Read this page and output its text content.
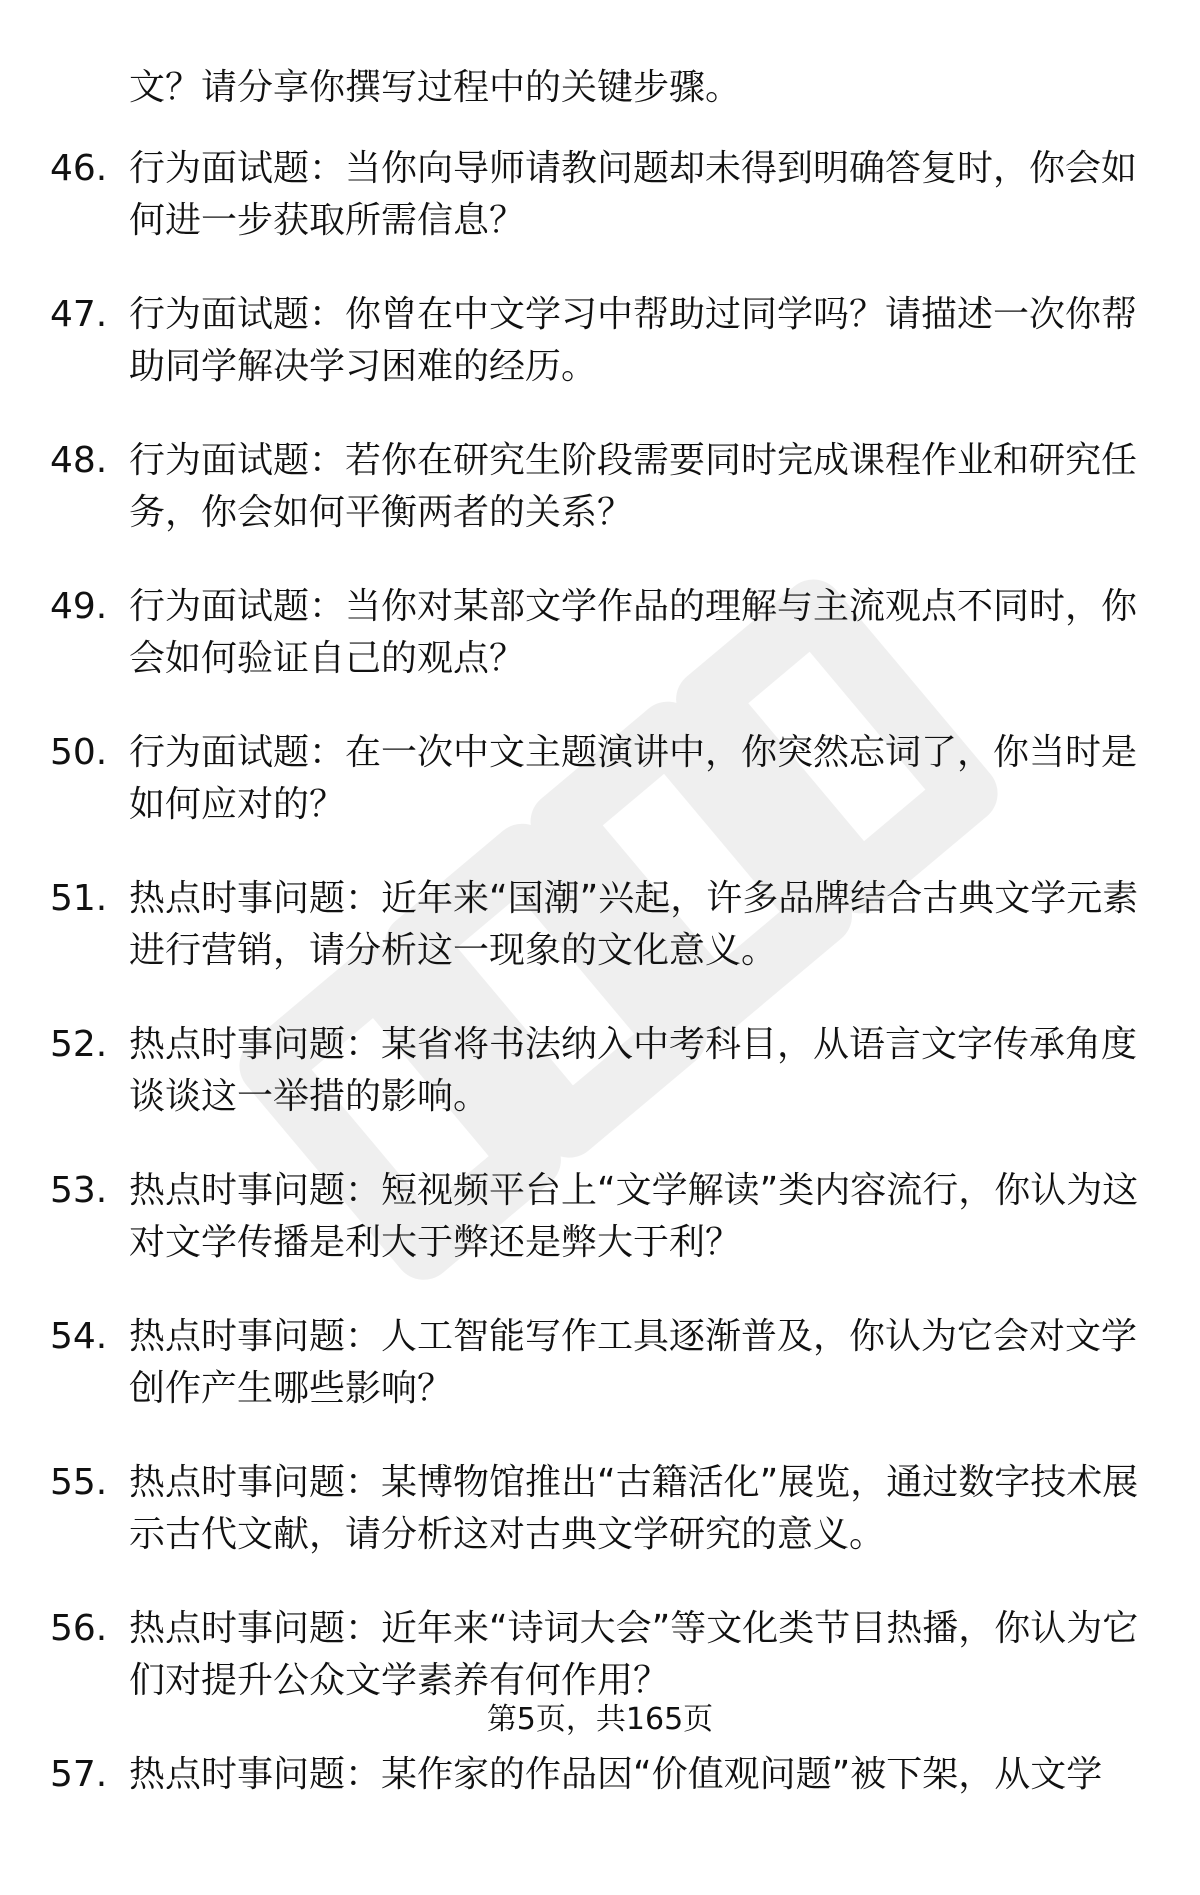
文？请分享你撰写过程中的关键步骤。
46. 行为面试题：当你向导师请教问题却未得到明确答复时，你会如何进一步获取所需信息？
47. 行为面试题：你曾在中文学习中帮助过同学吗？请描述一次你帮助同学解决学习困难的经历。
48. 行为面试题：若你在研究生阶段需要同时完成课程作业和研究任务，你会如何平衡两者的关系？
49. 行为面试题：当你对某部文学作品的理解与主流观点不同时，你会如何验证自己的观点？
50. 行为面试题：在一次中文主题演讲中，你突然忘词了，你当时是如何应对的？
51. 热点时事问题：近年来“国潮”兴起，许多品牌结合古典文学元素进行营销，请分析这一现象的文化意义。
52. 热点时事问题：某省将书法纳入中考科目，从语言文字传承角度谈谈这一举措的影响。
53. 热点时事问题：短视频平台上“文学解读”类内容流行，你认为这对文学传播是利大于弊还是弊大于利？
54. 热点时事问题：人工智能写作工具逐渐普及，你认为它会对文学创作产生哪些影响？
55. 热点时事问题：某博物馆推出“古籍活化”展览，通过数字技术展示古代文献，请分析这对古典文学研究的意义。
56. 热点时事问题：近年来“诗词大会”等文化类节目热播，你认为它们对提升公众文学素养有何作用？
57. 热点时事问题：某作家的作品因“价值观问题”被下架，从文学
第5页，共165页
